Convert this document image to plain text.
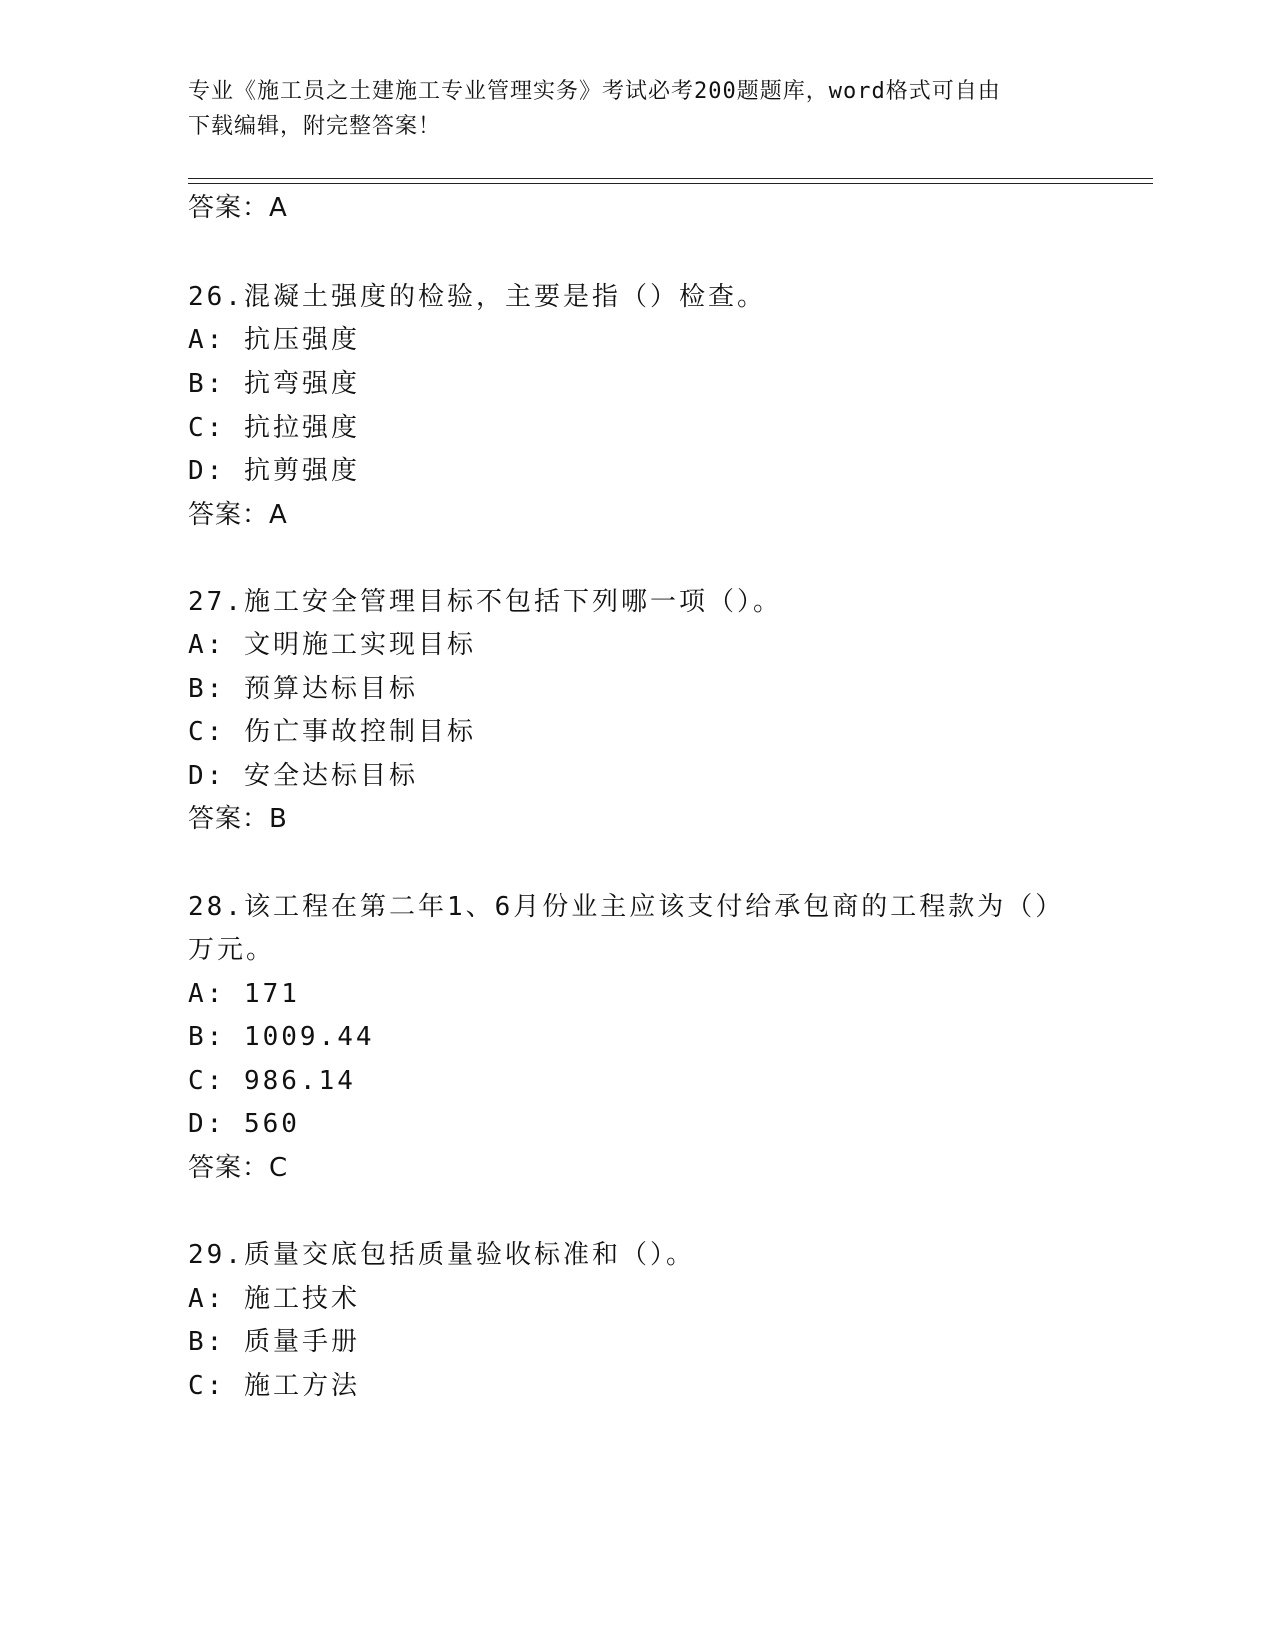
专业《施工员之土建施工专业管理实务》考试必考200题题库，word格式可自由
下载编辑，附完整答案！
答案：A
26.混凝土强度的检验，主要是指（）检查。
A: 抗压强度
B: 抗弯强度
C: 抗拉强度
D: 抗剪强度
答案：A
27.施工安全管理目标不包括下列哪一项（）。
A: 文明施工实现目标
B: 预算达标目标
C: 伤亡事故控制目标
D: 安全达标目标
答案：B
28.该工程在第二年1、6月份业主应该支付给承包商的工程款为（）
万元。
A: 171
B: 1009.44
C: 986.14
D: 560
答案：C
29.质量交底包括质量验收标准和（）。
A: 施工技术
B: 质量手册
C: 施工方法
